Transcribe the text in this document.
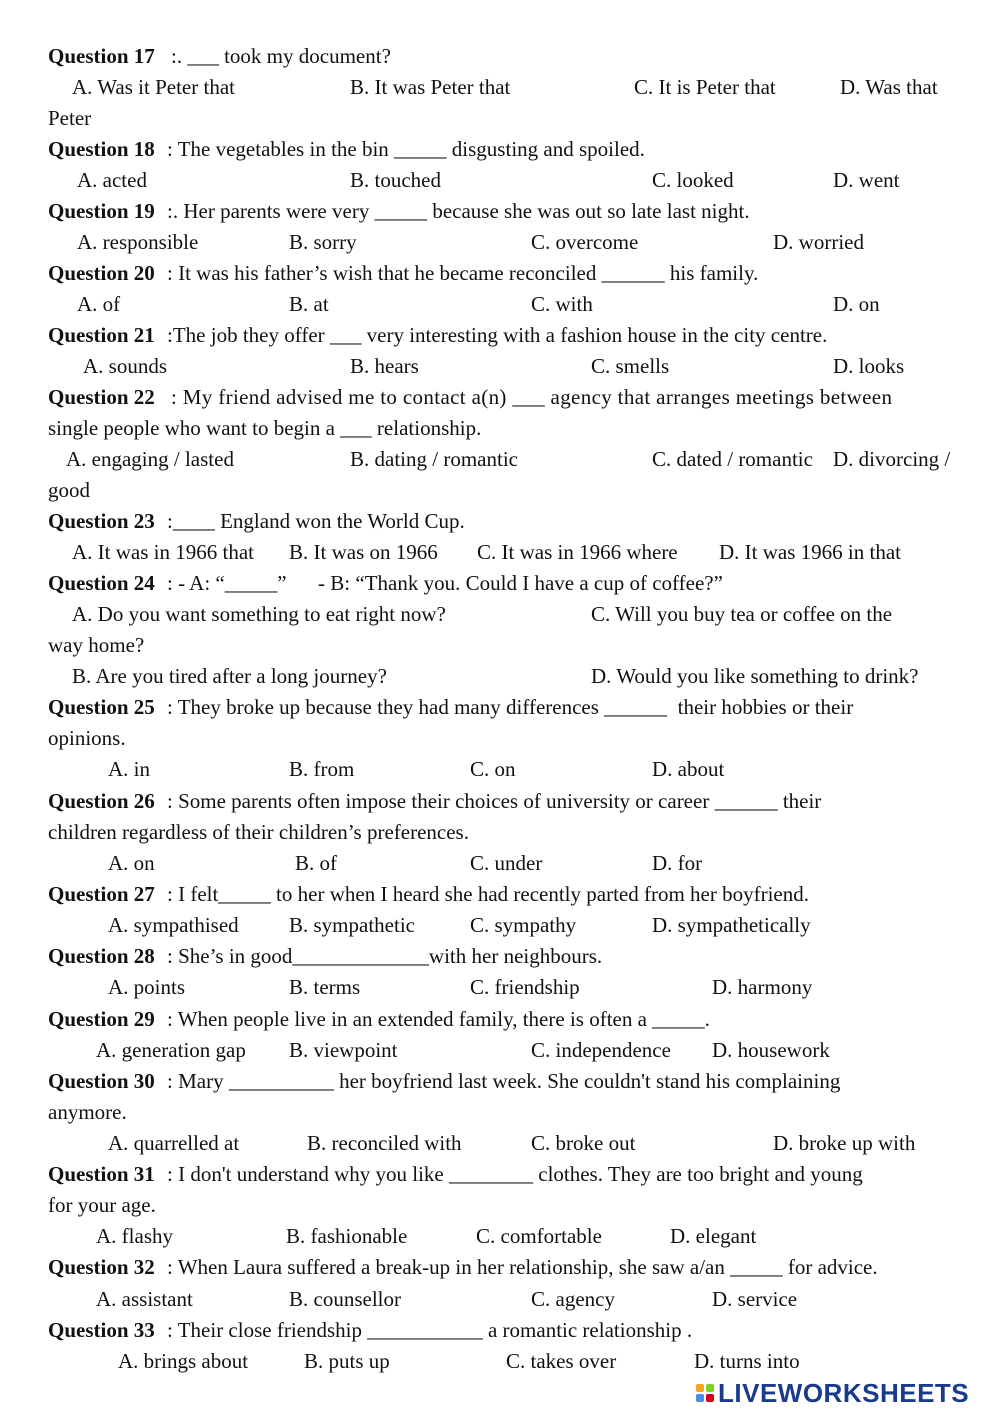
Question 17 :. ___ took my document?
A. Was it Peter that	B. It was Peter that	C. It is Peter that	D. Was that
Peter
Question 18 : The vegetables in the bin _____ disgusting and spoiled.
A. acted	B. touched	C. looked	D. went
Question 19 :. Her parents were very _____ because she was out so late last night.
A. responsible	B. sorry	C. overcome	D. worried
Question 20 : It was his father’s wish that he became reconciled ______ his family.
A. of	B. at	C. with	D. on
Question 21 :The job they offer ___ very interesting with a fashion house in the city centre.
A. sounds	B. hears	C. smells	D. looks
Question 22 : My friend advised me to contact a(n) ___ agency that arranges meetings between
single people who want to begin a ___ relationship.
A. engaging / lasted	B. dating / romantic	C. dated / romantic D. divorcing /
good
Question 23 :____ England won the World Cup.
A. It was in 1966 that B. It was on 1966 C. It was in 1966 where D. It was 1966 in that
Question 24 : - A: “_____”      - B: “Thank you. Could I have a cup of coffee?”
A. Do you want something to eat right now?	C. Will you buy tea or coffee on the
way home?
B. Are you tired after a long journey?	D. Would you like something to drink?
Question 25 : They broke up because they had many differences ______  their hobbies or their
opinions.
A. in	B. from	C. on	D. about
Question 26 : Some parents often impose their choices of university or career ______ their
children regardless of their children’s preferences.
A. on	B. of	C. under	D. for
Question 27 : I felt_____ to her when I heard she had recently parted from her boyfriend.
A. sympathised B. sympathetic	C. sympathy	D. sympathetically
Question 28 : She’s in good_____________with her neighbours.
A. points	B. terms	C. friendship	D. harmony
Question 29 : When people live in an extended family, there is often a _____.
A. generation gap B. viewpoint	C. independence D. housework
Question 30 : Mary __________ her boyfriend last week. She couldn't stand his complaining
anymore.
A. quarrelled at	B. reconciled with	C. broke out	D. broke up with
Question 31 : I don't understand why you like ________ clothes. They are too bright and young
for your age.
A. flashy	B. fashionable	C. comfortable	D. elegant
Question 32 : When Laura suffered a break-up in her relationship, she saw a/an _____ for advice.
A. assistant	B. counsellor	C. agency	D. service
Question 33 : Their close friendship ___________ a romantic relationship .
A. brings about	B. puts up	C. takes over	D. turns into
LIVEWORKSHEETS
